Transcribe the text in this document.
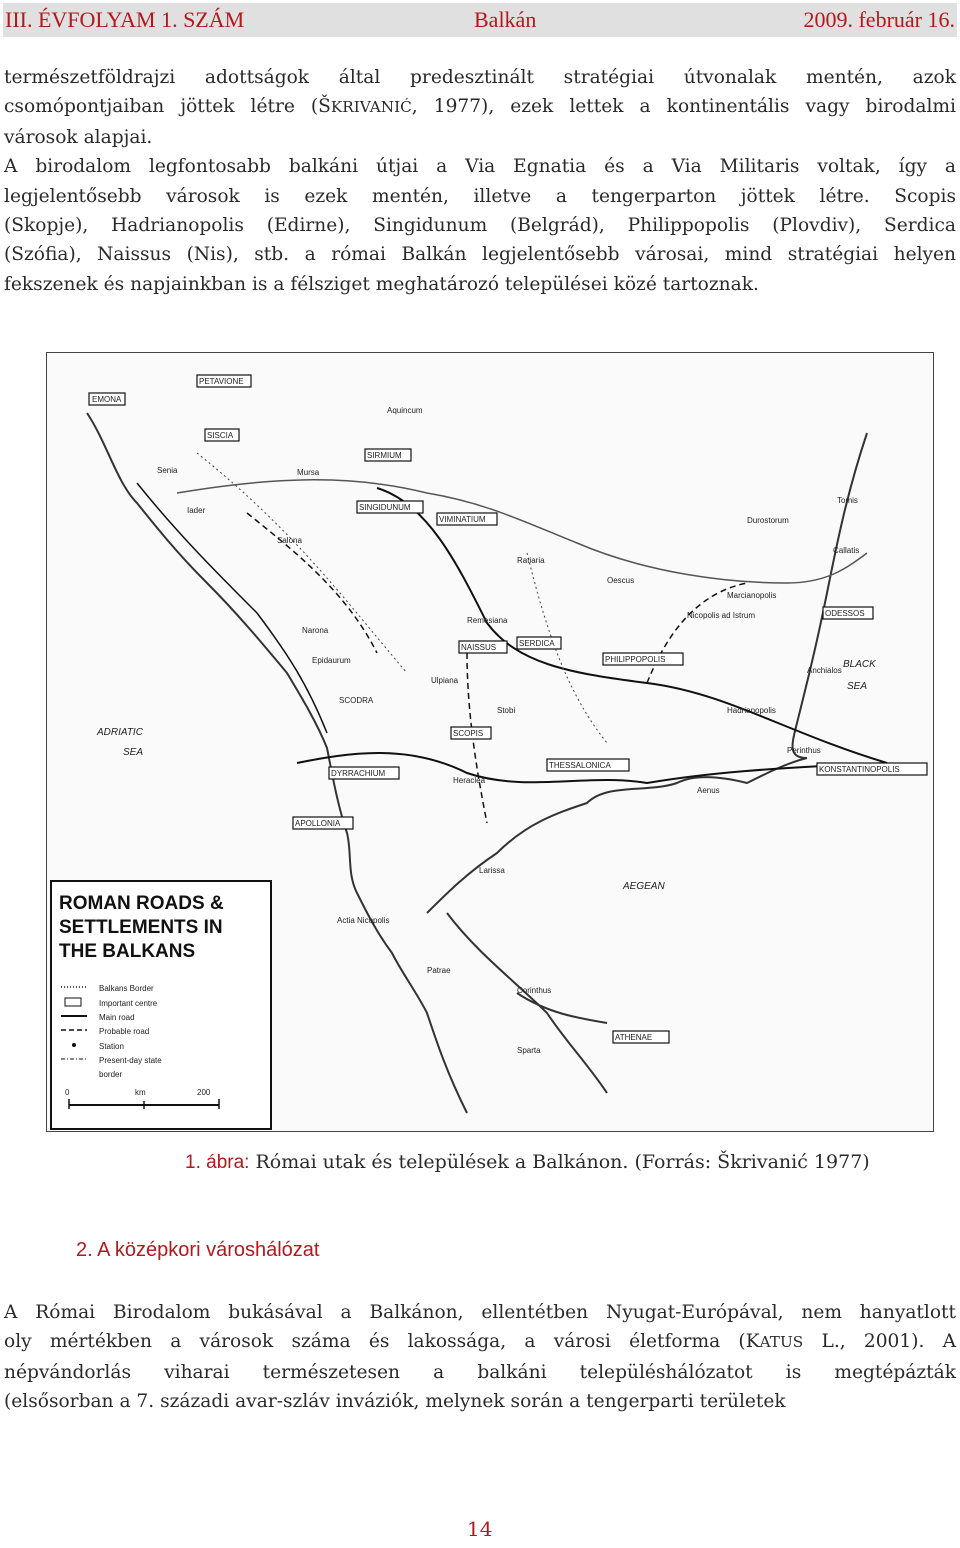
III. ÉVFOLYAM 1. SZÁM	Balkán	2009. február 16.
természetföldrajzi adottságok által predesztinált stratégiai útvonalak mentén, azok
csomópontjaiban jöttek létre (ŠKRIVANIĆ, 1977), ezek lettek a kontinentális vagy birodalmi
városok alapjai.
A birodalom legfontosabb balkáni útjai a Via Egnatia és a Via Militaris voltak, így a
legjelentősebb városok is ezek mentén, illetve a tengerparton jöttek létre. Scopis
(Skopje), Hadrianopolis (Edirne), Singidunum (Belgrád), Philippopolis (Plovdiv), Serdica
(Szófia), Naissus (Nis), stb. a római Balkán legjelentősebb városai, mind stratégiai helyen
fekszenek és napjainkban is a félsziget meghatározó települései közé tartoznak.
PETAVIONE
EMONA
SISCIA
SIRMIUM
SINGIDUNUM
VIMINATIUM
NAISSUS	SERDICA
SCOPIS
PHILIPPOPOLIS
THESSALONICA
DYRRACHIUM
APOLLONIA
ODESSOS
KONSTANTINOPOLIS
ATHENAE
Salona
Narona
SCODRA
Heraclea
Larissa
Corinthus
Sparta
Mursa
Tomis
Callatis
Anchialos
Hadrianopolis
Perinthus
Aenus
Stobi
Ulpiana
Actia Nicopolis
Patrae
Remesiana
Ratiaria
Oescus
Durostorum
Nicopolis ad Istrum
Marcianopolis
Senia
Iader
Epidaurum
Aquincum
ADRIATIC
SEA
AEGEAN
BLACK
SEA
ROMAN ROADS &
SETTLEMENTS IN
THE BALKANS
Balkans Border
Important centre
Main road
Probable road
Station
Present-day state
border
0	km	200
1. ábra: Római utak és települések a Balkánon. (Forrás: Škrivanić 1977)
2. A középkori városhálózat
A Római Birodalom bukásával a Balkánon, ellentétben Nyugat-Európával, nem hanyatlott
oly mértékben a városok száma és lakossága, a városi életforma (KATUS L., 2001). A
népvándorlás viharai természetesen a balkáni településhálózatot is megtépázták
(elsősorban a 7. századi avar-szláv inváziók, melynek során a tengerparti területek
14
